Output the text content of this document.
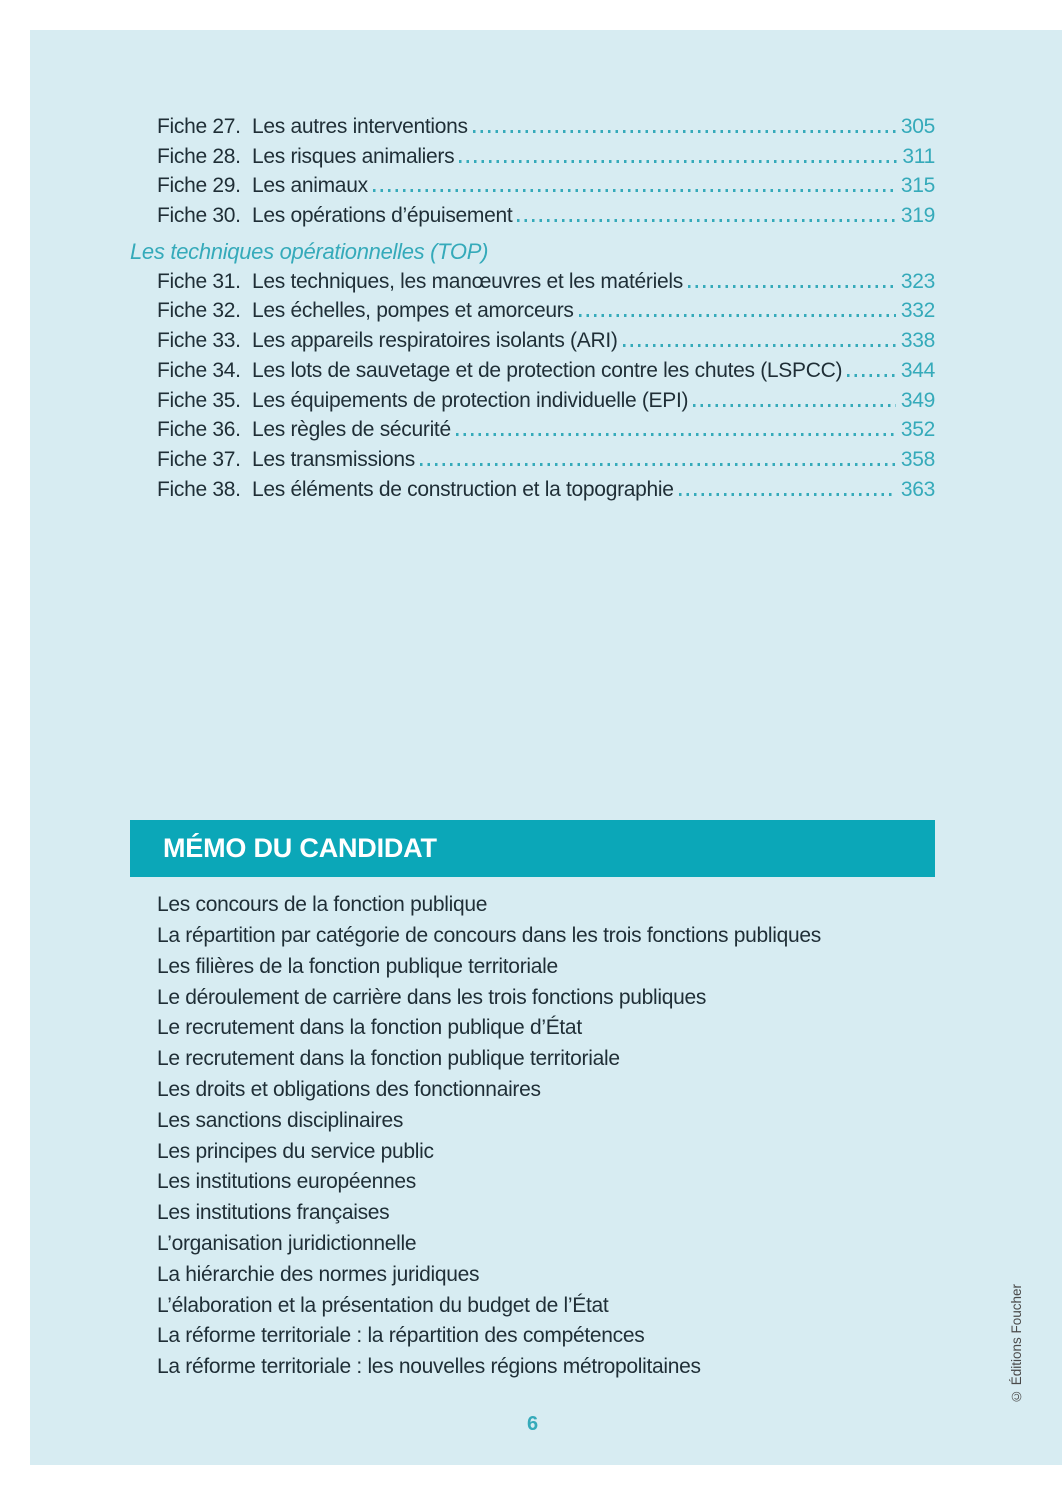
Fiche 27. Les autres interventions	305
Fiche 28. Les risques animaliers	311
Fiche 29. Les animaux	315
Fiche 30. Les opérations d’épuisement	319
Les techniques opérationnelles (TOP)
Fiche 31. Les techniques, les manœuvres et les matériels	323
Fiche 32. Les échelles, pompes et amorceurs	332
Fiche 33. Les appareils respiratoires isolants (ARI)	338
Fiche 34. Les lots de sauvetage et de protection contre les chutes (LSPCC)	344
Fiche 35. Les équipements de protection individuelle (EPI)	349
Fiche 36. Les règles de sécurité	352
Fiche 37. Les transmissions	358
Fiche 38. Les éléments de construction et la topographie	363
MÉMO DU CANDIDAT
Les concours de la fonction publique
La répartition par catégorie de concours dans les trois fonctions publiques
Les filières de la fonction publique territoriale
Le déroulement de carrière dans les trois fonctions publiques
Le recrutement dans la fonction publique d’État
Le recrutement dans la fonction publique territoriale
Les droits et obligations des fonctionnaires
Les sanctions disciplinaires
Les principes du service public
Les institutions européennes
Les institutions françaises
L’organisation juridictionnelle
La hiérarchie des normes juridiques
L’élaboration et la présentation du budget de l’État
La réforme territoriale : la répartition des compétences
La réforme territoriale : les nouvelles régions métropolitaines
6
© Éditions Foucher
